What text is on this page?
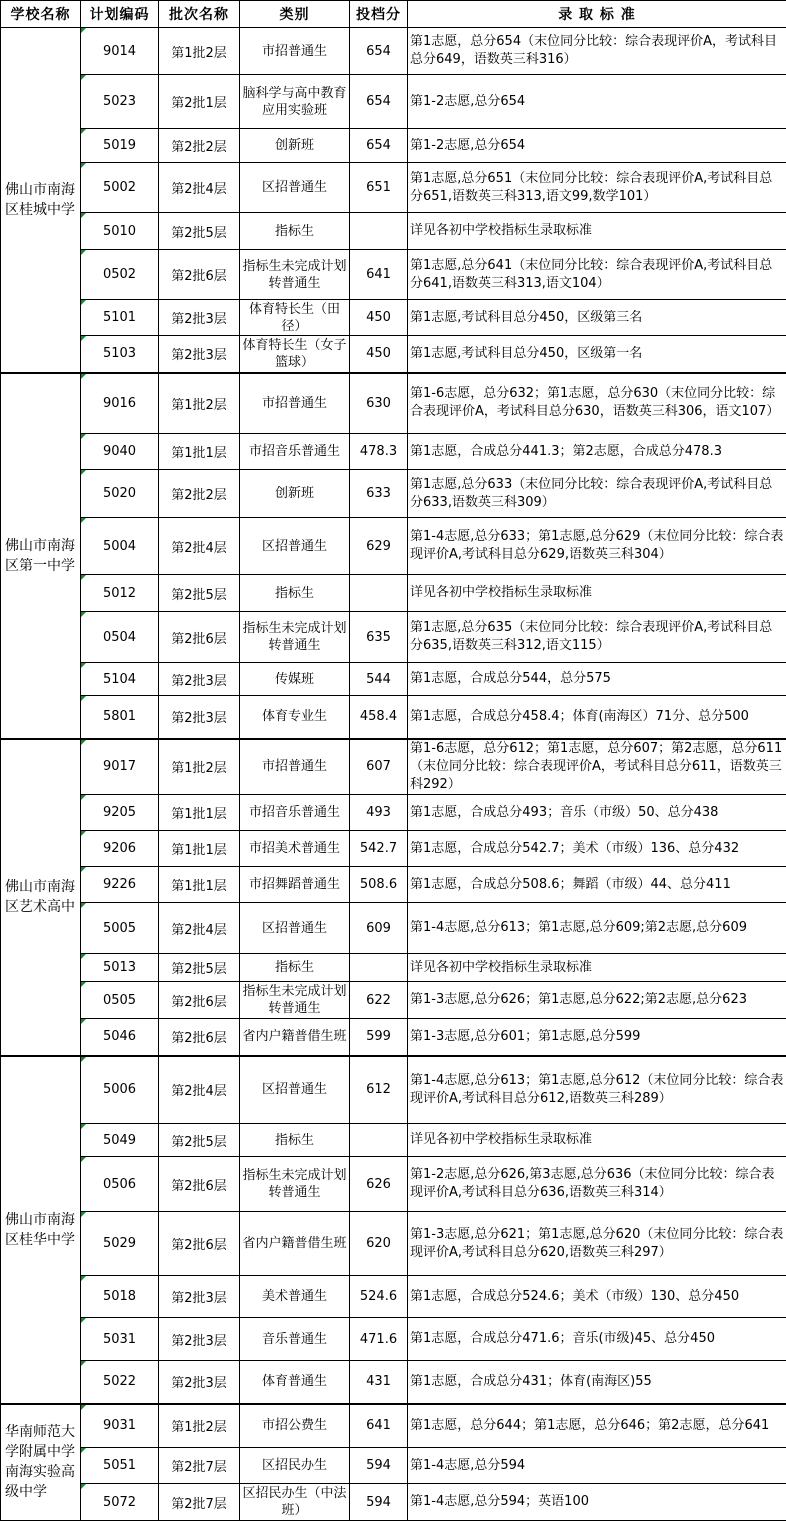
学校名称	计划编码	批次名称	类别	投档分	录 取 标 准
佛山市南海区桂城中学	9014	第1批2层	市招普通生	654	第1志愿，总分654（末位同分比较：综合表现评价A，考试科目总分649，语数英三科316）
	5023	第2批1层	脑科学与高中教育应用实验班	654	第1-2志愿,总分654
	5019	第2批2层	创新班	654	第1-2志愿,总分654
	5002	第2批4层	区招普通生	651	第1志愿,总分651（末位同分比较：综合表现评价A,考试科目总分651,语数英三科313,语文99,数学101）
	5010	第2批5层	指标生		详见各初中学校指标生录取标准
	0502	第2批6层	指标生未完成计划转普通生	641	第1志愿,总分641（末位同分比较：综合表现评价A,考试科目总分641,语数英三科313,语文104）
	5101	第2批3层	体育特长生（田径）	450	第1志愿,考试科目总分450，区级第三名
	5103	第2批3层	体育特长生（女子篮球）	450	第1志愿,考试科目总分450，区级第一名
佛山市南海区第一中学	9016	第1批2层	市招普通生	630	第1-6志愿，总分632；第1志愿，总分630（末位同分比较：综合表现评价A，考试科目总分630，语数英三科306，语文107）
	9040	第1批1层	市招音乐普通生	478.3	第1志愿，合成总分441.3；第2志愿，合成总分478.3
	5020	第2批2层	创新班	633	第1志愿,总分633（末位同分比较：综合表现评价A,考试科目总分633,语数英三科309）
	5004	第2批4层	区招普通生	629	第1-4志愿,总分633；第1志愿,总分629（末位同分比较：综合表现评价A,考试科目总分629,语数英三科304）
	5012	第2批5层	指标生		详见各初中学校指标生录取标准
	0504	第2批6层	指标生未完成计划转普通生	635	第1志愿,总分635（末位同分比较：综合表现评价A,考试科目总分635,语数英三科312,语文115）
	5104	第2批3层	传媒班	544	第1志愿，合成总分544，总分575
	5801	第2批3层	体育专业生	458.4	第1志愿，合成总分458.4；体育(南海区）71分、总分500
佛山市南海区艺术高中	9017	第1批2层	市招普通生	607	第1-6志愿，总分612；第1志愿，总分607；第2志愿，总分611（末位同分比较：综合表现评价A，考试科目总分611，语数英三科292）
	9205	第1批1层	市招音乐普通生	493	第1志愿，合成总分493；音乐（市级）50、总分438
	9206	第1批1层	市招美术普通生	542.7	第1志愿，合成总分542.7；美术（市级）136、总分432
	9226	第1批1层	市招舞蹈普通生	508.6	第1志愿，合成总分508.6；舞蹈（市级）44、总分411
	5005	第2批4层	区招普通生	609	第1-4志愿,总分613；第1志愿,总分609;第2志愿,总分609
	5013	第2批5层	指标生		详见各初中学校指标生录取标准
	0505	第2批6层	指标生未完成计划转普通生	622	第1-3志愿,总分626；第1志愿,总分622;第2志愿,总分623
	5046	第2批6层	省内户籍普借生班	599	第1-3志愿,总分601；第1志愿,总分599
佛山市南海区桂华中学	5006	第2批4层	区招普通生	612	第1-4志愿,总分613；第1志愿,总分612（末位同分比较：综合表现评价A,考试科目总分612,语数英三科289）
	5049	第2批5层	指标生		详见各初中学校指标生录取标准
	0506	第2批6层	指标生未完成计划转普通生	626	第1-2志愿,总分626,第3志愿,总分636（末位同分比较：综合表现评价A,考试科目总分636,语数英三科314）
	5029	第2批6层	省内户籍普借生班	620	第1-3志愿,总分621；第1志愿,总分620（末位同分比较：综合表现评价A,考试科目总分620,语数英三科297）
	5018	第2批3层	美术普通生	524.6	第1志愿，合成总分524.6；美术（市级）130、总分450
	5031	第2批3层	音乐普通生	471.6	第1志愿，合成总分471.6；音乐(市级)45、总分450
	5022	第2批3层	体育普通生	431	第1志愿，合成总分431；体育(南海区)55
华南师范大学附属中学南海实验高级中学	9031	第1批2层	市招公费生	641	第1志愿，总分644；第1志愿，总分646；第2志愿，总分641
	5051	第2批7层	区招民办生	594	第1-4志愿,总分594
	5072	第2批7层	区招民办生（中法班）	594	第1-4志愿,总分594；英语100
